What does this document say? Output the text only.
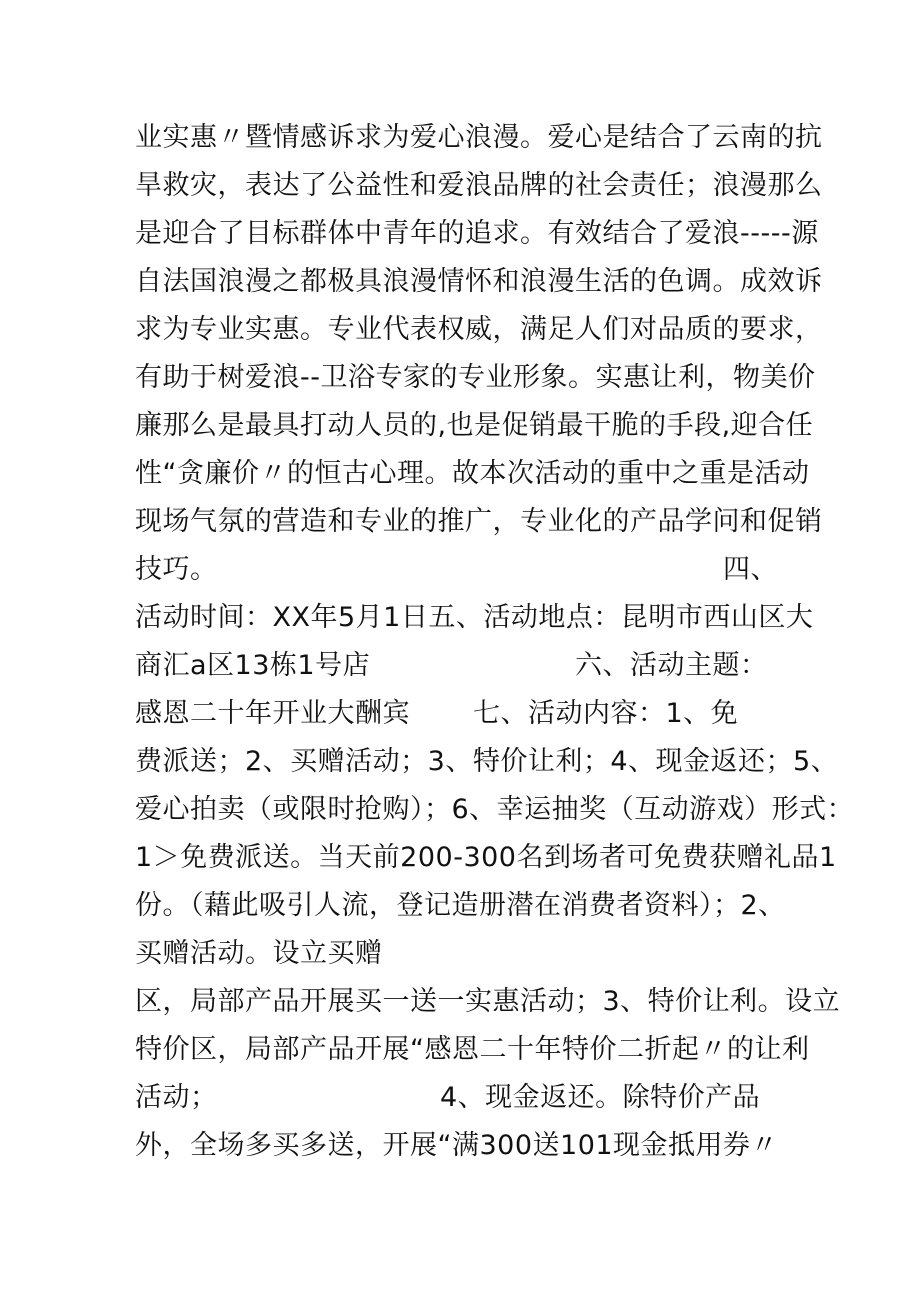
业实惠〃暨情感诉求为爱心浪漫。爱心是结合了云南的抗
旱救灾，表达了公益性和爱浪品牌的社会责任；浪漫那么
是迎合了目标群体中青年的追求。有效结合了爱浪-----源
自法国浪漫之都极具浪漫情怀和浪漫生活的色调。成效诉
求为专业实惠。专业代表权威，满足人们对品质的要求，
有助于树爱浪--卫浴专家的专业形象。实惠让利，物美价
廉那么是最具打动人员的,也是促销最干脆的手段,迎合任
性“贪廉价〃的恒古心理。故本次活动的重中之重是活动
现场气氛的营造和专业的推广，专业化的产品学问和促销

技巧。

	四、

活动时间：XX年5月1日五、活动地点：昆明市西山区大

商汇a区13栋1号店

	六、活动主题：

感恩二十年开业大酬宾

七、活动内容：1、免

费派送；2、买赠活动；3、特价让利；4、现金返还；5、
爱心拍卖（或限时抢购）；6、幸运抽奖（互动游戏）形式：
1＞免费派送。当天前200-300名到场者可免费获赠礼品1
份。（藉此吸引人流，登记造册潜在消费者资料）；2、
买赠活动。设立买赠
区，局部产品开展买一送一实惠活动；3、特价让利。设立
特价区，局部产品开展“感恩二十年特价二折起〃的让利

活动；

	4、现金返还。除特价产品

外，全场多买多送，开展“满300送101现金抵用券〃
